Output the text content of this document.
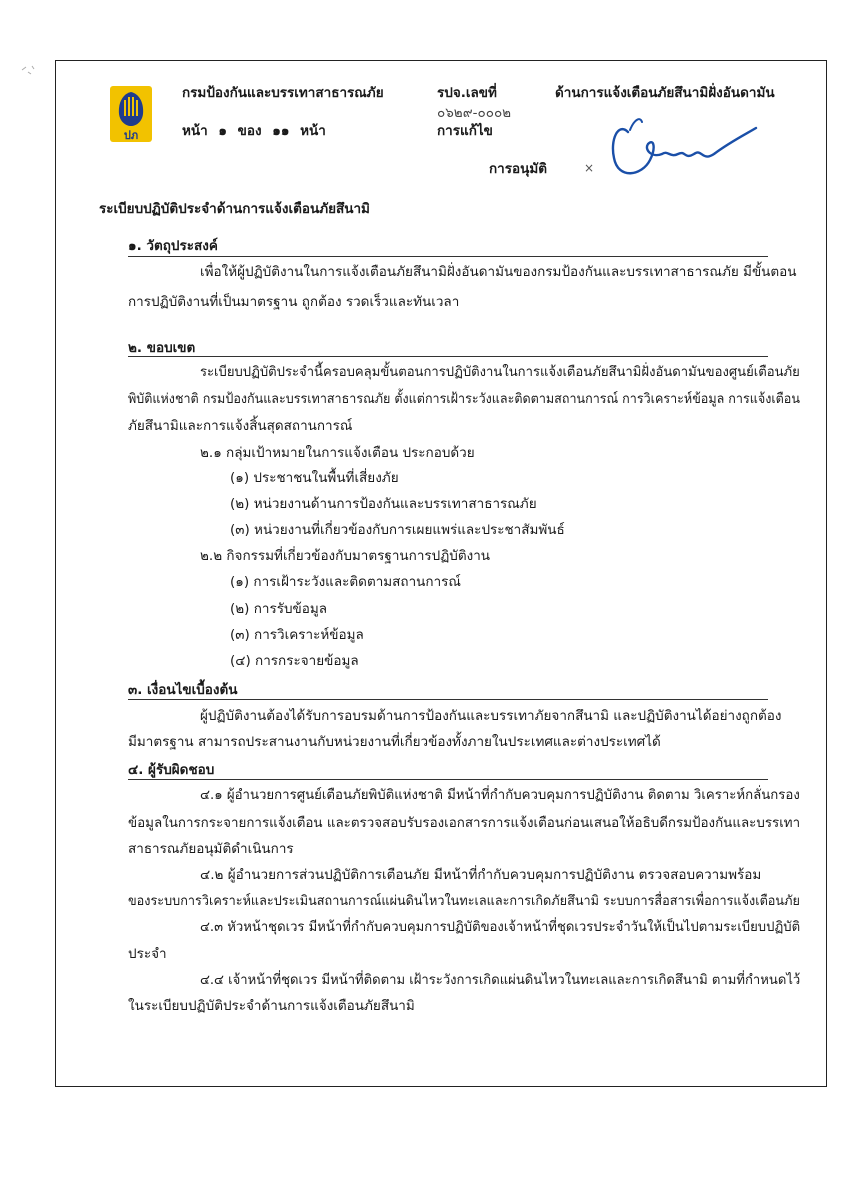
ปภ
กรมป้องกันและบรรเทาสาธารณภัย
หน้า ๑ ของ ๑๑ หน้า
รปจ.เลขที่
๐๖๒๙-๐๐๐๒
การแก้ไข
ด้านการแจ้งเตือนภัยสึนามิฝั่งอันดามัน
การอนุมัติ	×
ระเบียบปฏิบัติประจำด้านการแจ้งเตือนภัยสึนามิ
๑. วัตถุประสงค์
เพื่อให้ผู้ปฏิบัติงานในการแจ้งเตือนภัยสึนามิฝั่งอันดามันของกรมป้องกันและบรรเทาสาธารณภัย มีขั้นตอน
การปฏิบัติงานที่เป็นมาตรฐาน ถูกต้อง รวดเร็วและทันเวลา
๒. ขอบเขต
ระเบียบปฏิบัติประจำนี้ครอบคลุมขั้นตอนการปฏิบัติงานในการแจ้งเตือนภัยสึนามิฝั่งอันดามันของศูนย์เตือนภัย
พิบัติแห่งชาติ กรมป้องกันและบรรเทาสาธารณภัย ตั้งแต่การเฝ้าระวังและติดตามสถานการณ์ การวิเคราะห์ข้อมูล การแจ้งเตือน
ภัยสึนามิและการแจ้งสิ้นสุดสถานการณ์
๒.๑ กลุ่มเป้าหมายในการแจ้งเตือน ประกอบด้วย
(๑) ประชาชนในพื้นที่เสี่ยงภัย
(๒) หน่วยงานด้านการป้องกันและบรรเทาสาธารณภัย
(๓) หน่วยงานที่เกี่ยวข้องกับการเผยแพร่และประชาสัมพันธ์
๒.๒ กิจกรรมที่เกี่ยวข้องกับมาตรฐานการปฏิบัติงาน
(๑) การเฝ้าระวังและติดตามสถานการณ์
(๒) การรับข้อมูล
(๓) การวิเคราะห์ข้อมูล
(๔) การกระจายข้อมูล
๓. เงื่อนไขเบื้องต้น
ผู้ปฏิบัติงานต้องได้รับการอบรมด้านการป้องกันและบรรเทาภัยจากสึนามิ และปฏิบัติงานได้อย่างถูกต้อง
มีมาตรฐาน สามารถประสานงานกับหน่วยงานที่เกี่ยวข้องทั้งภายในประเทศและต่างประเทศได้
๔. ผู้รับผิดชอบ
๔.๑ ผู้อำนวยการศูนย์เตือนภัยพิบัติแห่งชาติ มีหน้าที่กำกับควบคุมการปฏิบัติงาน ติดตาม วิเคราะห์กลั่นกรอง
ข้อมูลในการกระจายการแจ้งเตือน และตรวจสอบรับรองเอกสารการแจ้งเตือนก่อนเสนอให้อธิบดีกรมป้องกันและบรรเทา
สาธารณภัยอนุมัติดำเนินการ
๔.๒ ผู้อำนวยการส่วนปฏิบัติการเตือนภัย มีหน้าที่กำกับควบคุมการปฏิบัติงาน ตรวจสอบความพร้อม
ของระบบการวิเคราะห์และประเมินสถานการณ์แผ่นดินไหวในทะเลและการเกิดภัยสึนามิ ระบบการสื่อสารเพื่อการแจ้งเตือนภัย
๔.๓ หัวหน้าชุดเวร มีหน้าที่กำกับควบคุมการปฏิบัติของเจ้าหน้าที่ชุดเวรประจำวันให้เป็นไปตามระเบียบปฏิบัติ
ประจำ
๔.๔ เจ้าหน้าที่ชุดเวร มีหน้าที่ติดตาม เฝ้าระวังการเกิดแผ่นดินไหวในทะเลและการเกิดสึนามิ ตามที่กำหนดไว้
ในระเบียบปฏิบัติประจำด้านการแจ้งเตือนภัยสึนามิ
